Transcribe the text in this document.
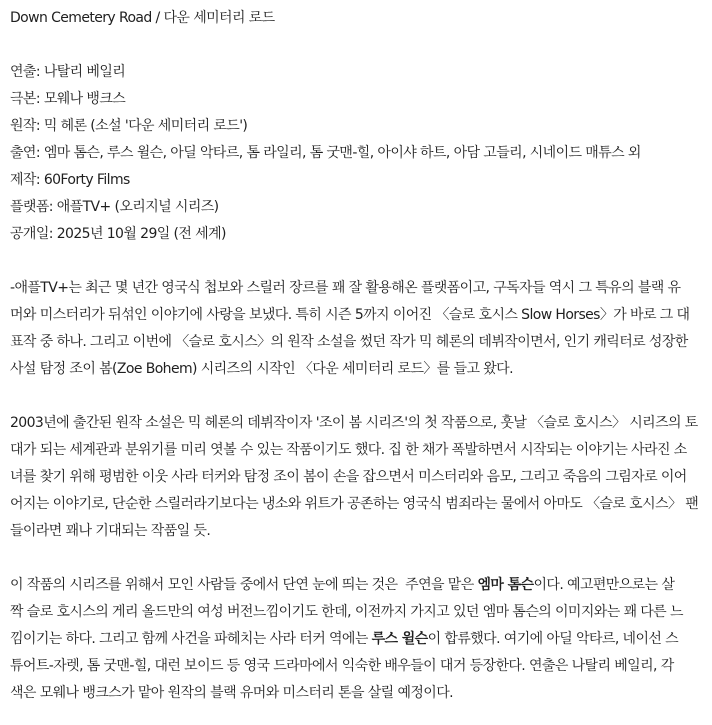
Down Cemetery Road / 다운 세미터리 로드
연출: 나탈리 베일리
극본: 모웨나 뱅크스
원작: 믹 헤론 (소설 '다운 세미터리 로드')
출연: 엠마 톰슨, 루스 윌슨, 아딜 악타르, 톰 라일리, 톰 굿맨-힐, 아이샤 하트, 아담 고들리, 시네이드 매튜스 외
제작: 60Forty Films
플랫폼: 애플TV+ (오리지널 시리즈)
공개일: 2025년 10월 29일 (전 세계)

-애플TV+는 최근 몇 년간 영국식 첩보와 스릴러 장르를 꽤 잘 활용해온 플랫폼이고, 구독자들 역시 그 특유의 블랙 유

머와 미스터리가 뒤섞인 이야기에 사랑을 보냈다. 특히 시즌 5까지 이어진 〈슬로 호시스 Slow Horses〉가 바로 그 대

표작 중 하나. 그리고 이번에 〈슬로 호시스〉의 원작 소설을 썼던 작가 믹 헤론의 데뷔작이면서, 인기 캐릭터로 성장한

사설 탐정 조이 봄(Zoe Bohem) 시리즈의 시작인 〈다운 세미터리 로드〉를 들고 왔다.

2003년에 출간된 원작 소설은 믹 헤론의 데뷔작이자 '조이 봄 시리즈'의 첫 작품으로, 훗날 〈슬로 호시스〉 시리즈의 토

대가 되는 세계관과 분위기를 미리 엿볼 수 있는 작품이기도 했다. 집 한 채가 폭발하면서 시작되는 이야기는 사라진 소

녀를 찾기 위해 평범한 이웃 사라 터커와 탐정 조이 봄이 손을 잡으면서 미스터리와 음모, 그리고 죽음의 그림자로 이어

어지는 이야기로, 단순한 스릴러라기보다는 냉소와 위트가 공존하는 영국식 범죄라는 물에서 아마도 〈슬로 호시스〉 팬

들이라면 꽤나 기대되는 작품일 듯.

이 작품의 시리즈를 위해서 모인 사람들 중에서 단연 눈에 띄는 것은  주연을 맡은 엠마 톰슨이다. 예고편만으로는 살
짝 슬로 호시스의 게리 올드만의 여성 버전느낌이기도 한데, 이전까지 가지고 있던 엠마 톰슨의 이미지와는 꽤 다른 느
낌이기는 하다. 그리고 함께 사건을 파헤치는 사라 터커 역에는 루스 윌슨이 합류했다. 여기에 아딜 악타르, 네이선 스
튜어트-자렛, 톰 굿맨-힐, 대런 보이드 등 영국 드라마에서 익숙한 배우들이 대거 등장한다. 연출은 나탈리 베일리, 각
색은 모웨나 뱅크스가 맡아 원작의 블랙 유머와 미스터리 톤을 살릴 예정이다.
